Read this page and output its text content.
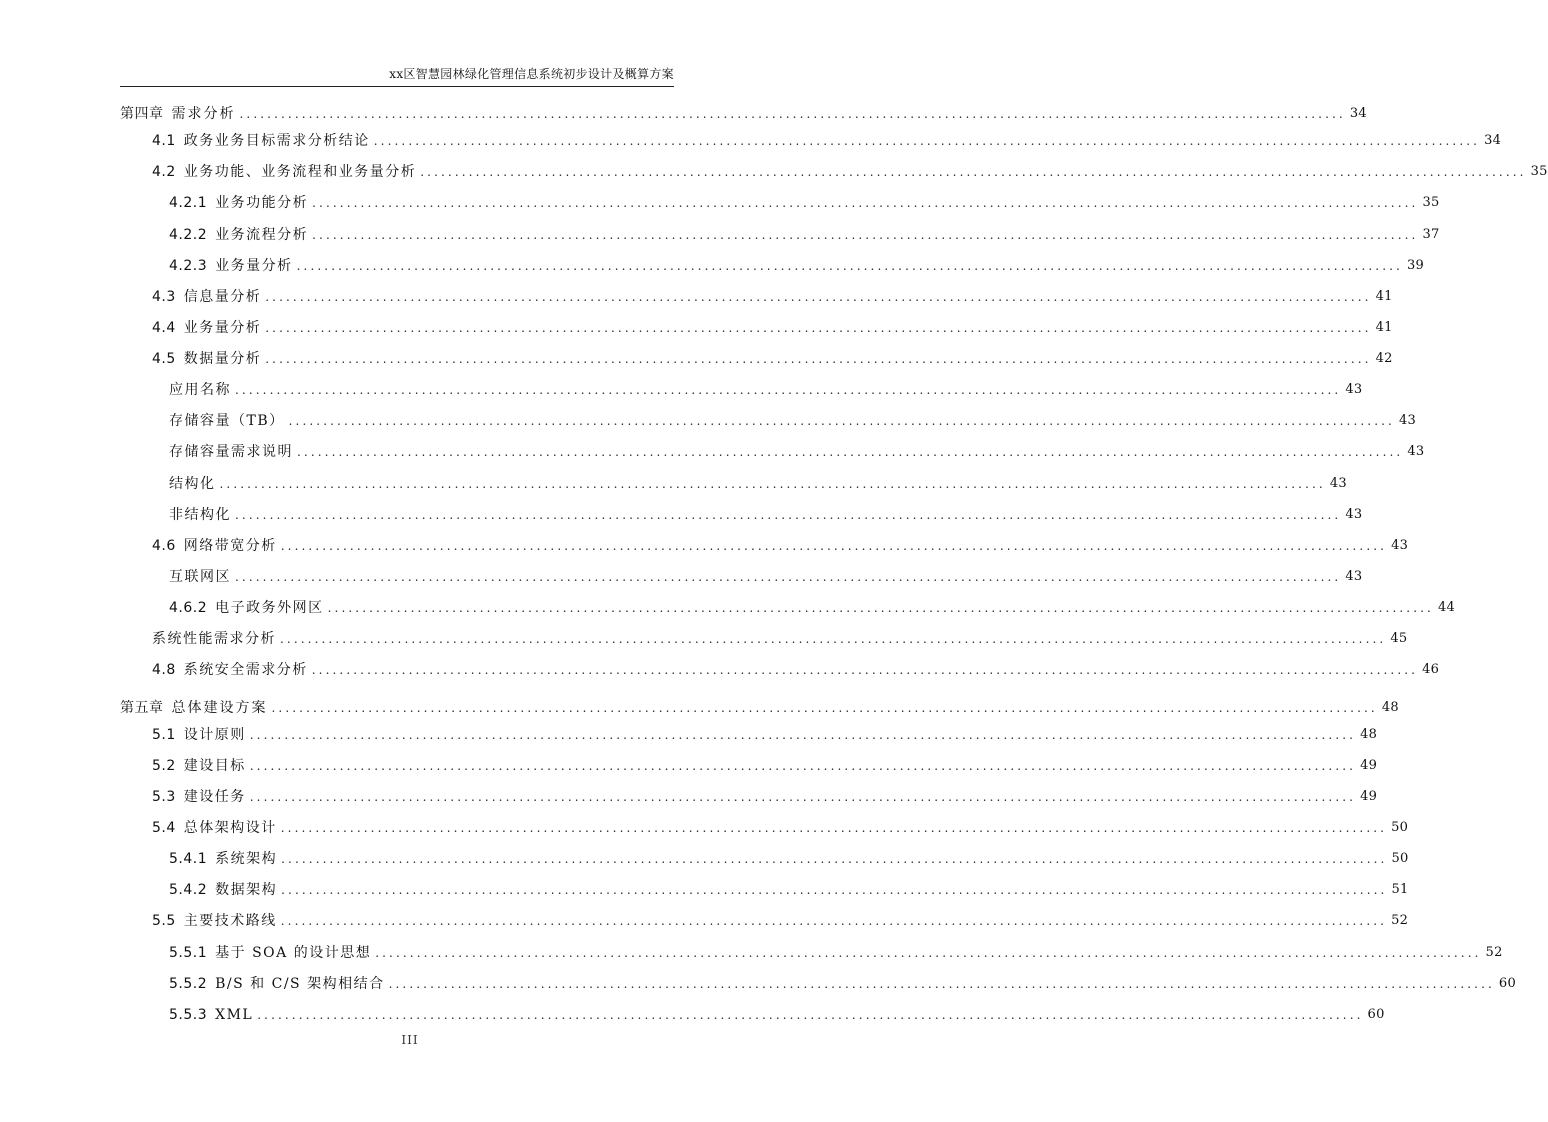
xx区智慧园林绿化管理信息系统初步设计及概算方案
第四章 需求分析 ................................................................................................................................................................ 34
4.1 政务业务目标需求分析结论 ................................................................................................................................................................ 34
4.2 业务功能、业务流程和业务量分析 ................................................................................................................................................................ 35
4.2.1 业务功能分析 ................................................................................................................................................................ 35
4.2.2 业务流程分析 ................................................................................................................................................................ 37
4.2.3 业务量分析 ................................................................................................................................................................ 39
4.3 信息量分析 ................................................................................................................................................................ 41
4.4 业务量分析 ................................................................................................................................................................ 41
4.5 数据量分析 ................................................................................................................................................................ 42
应用名称 ................................................................................................................................................................ 43
存储容量（TB） ................................................................................................................................................................ 43
存储容量需求说明 ................................................................................................................................................................ 43
结构化 ................................................................................................................................................................ 43
非结构化 ................................................................................................................................................................ 43
4.6 网络带宽分析 ................................................................................................................................................................ 43
互联网区 ................................................................................................................................................................ 43
4.6.2 电子政务外网区 ................................................................................................................................................................ 44
系统性能需求分析 ................................................................................................................................................................ 45
4.8 系统安全需求分析 ................................................................................................................................................................ 46
第五章 总体建设方案 ................................................................................................................................................................ 48
5.1 设计原则 ................................................................................................................................................................ 48
5.2 建设目标 ................................................................................................................................................................ 49
5.3 建设任务 ................................................................................................................................................................ 49
5.4 总体架构设计 ................................................................................................................................................................ 50
5.4.1 系统架构 ................................................................................................................................................................ 50
5.4.2 数据架构 ................................................................................................................................................................ 51
5.5 主要技术路线 ................................................................................................................................................................ 52
5.5.1 基于 SOA 的设计思想 ................................................................................................................................................................ 52
5.5.2 B/S 和 C/S 架构相结合 ................................................................................................................................................................ 60
5.5.3 XML ................................................................................................................................................................ 60
III
